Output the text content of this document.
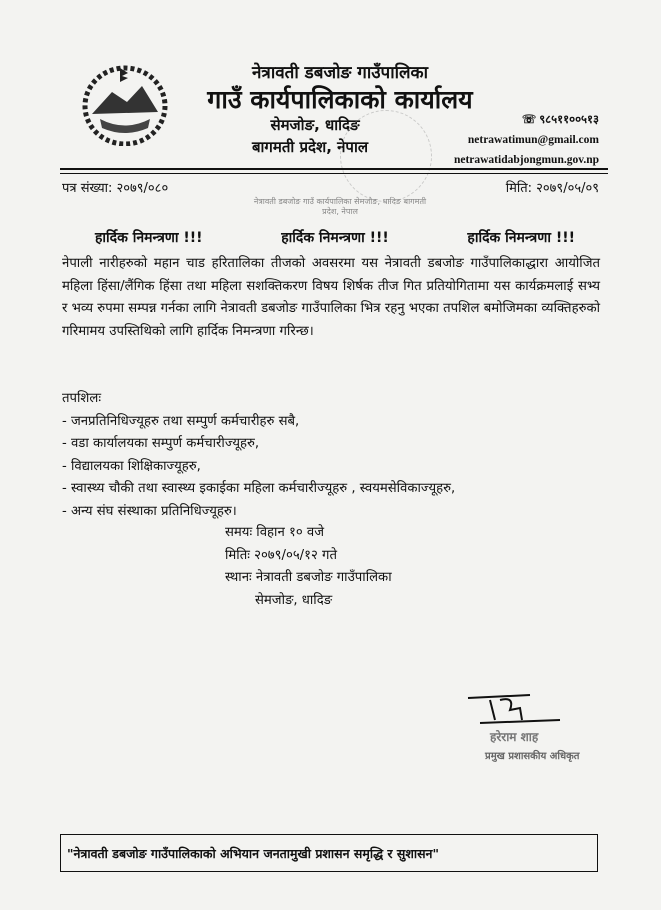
नेत्रावती डबजोङ गाउँपालिका
गाउँ कार्यपालिकाको कार्यालय
सेमजोङ, धादिङ
बागमती प्रदेश, नेपाल
☏ ९८५११००५१३
netrawatimun@gmail.com
netrawatidabjongmun.gov.np
नेत्रावती डबजोङ गाउँ कार्यपालिका सेमजोङ, धादिङ बागमती प्रदेश, नेपाल
पत्र संख्या: २०७९/०८०	मिति: २०७९/०५/०९
हार्दिक निमन्त्रणा !!!	हार्दिक निमन्त्रणा !!!	हार्दिक निमन्त्रणा !!!
नेपाली नारीहरुको महान चाड हरितालिका तीजको अवसरमा यस नेत्रावती डबजोङ गाउँपालिकाद्धारा आयोजित महिला हिंसा/लैंगिक हिंसा तथा महिला सशक्तिकरण विषय शिर्षक तीज गित प्रतियोगितामा यस कार्यक्रमलाई सभ्य र भव्य रुपमा सम्पन्न गर्नका लागि नेत्रावती डबजोङ गाउँपालिका भित्र रहनु भएका तपशिल बमोजिमका व्यक्तिहरुको गरिमामय उपस्तिथिको लागि हार्दिक निमन्त्रणा गरिन्छ।
तपशिलः
- जनप्रतिनिधिज्यूहरु तथा सम्पुर्ण कर्मचारीहरु सबै,
- वडा कार्यालयका सम्पुर्ण कर्मचारीज्यूहरु,
- विद्यालयका शिक्षिकाज्यूहरु,
- स्वास्थ्य चौकी तथा स्वास्थ्य इकाईका महिला कर्मचारीज्यूहरु , स्वयमसेविकाज्यूहरु,
- अन्य संघ संस्थाका प्रतिनिधिज्यूहरु।
समयः विहान १० वजे
मितिः २०७९/०५/१२ गते
स्थानः नेत्रावती डबजोङ गाउँपालिका
सेमजोङ, धादिङ
हरेराम शाह
प्रमुख प्रशासकीय अधिकृत
"नेत्रावती डबजोङ गाउँपालिकाको अभियान जनतामुखी प्रशासन समृद्धि र सुशासन"
